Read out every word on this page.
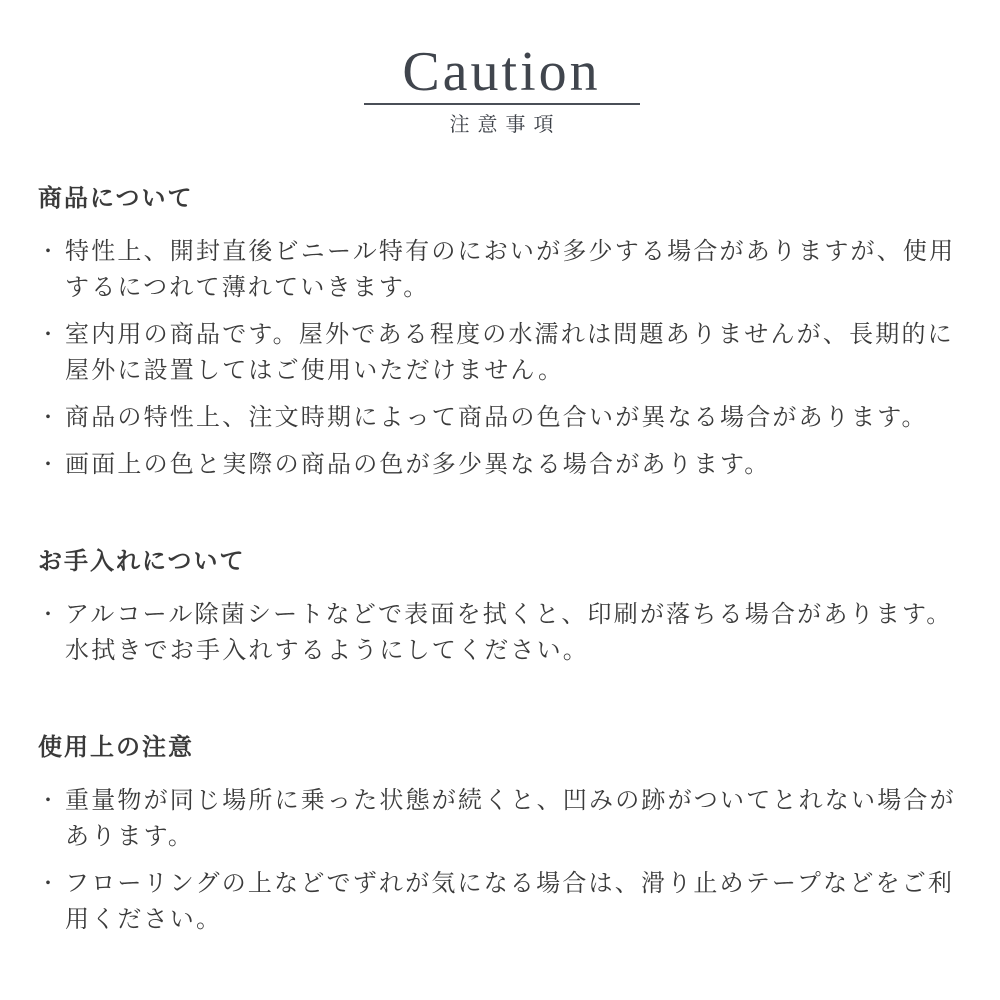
Caution
注意事項
商品について
・ 特性上、開封直後ビニール特有のにおいが多少する場合がありますが、使用するにつれて薄れていきます。
・ 室内用の商品です。屋外である程度の水濡れは問題ありませんが、長期的に屋外に設置してはご使用いただけません。
・ 商品の特性上、注文時期によって商品の色合いが異なる場合があります。
・ 画面上の色と実際の商品の色が多少異なる場合があります。
お手入れについて
・ アルコール除菌シートなどで表面を拭くと、印刷が落ちる場合があります。水拭きでお手入れするようにしてください。
使用上の注意
・ 重量物が同じ場所に乗った状態が続くと、凹みの跡がついてとれない場合があります。
・ フローリングの上などでずれが気になる場合は、滑り止めテープなどをご利用ください。
